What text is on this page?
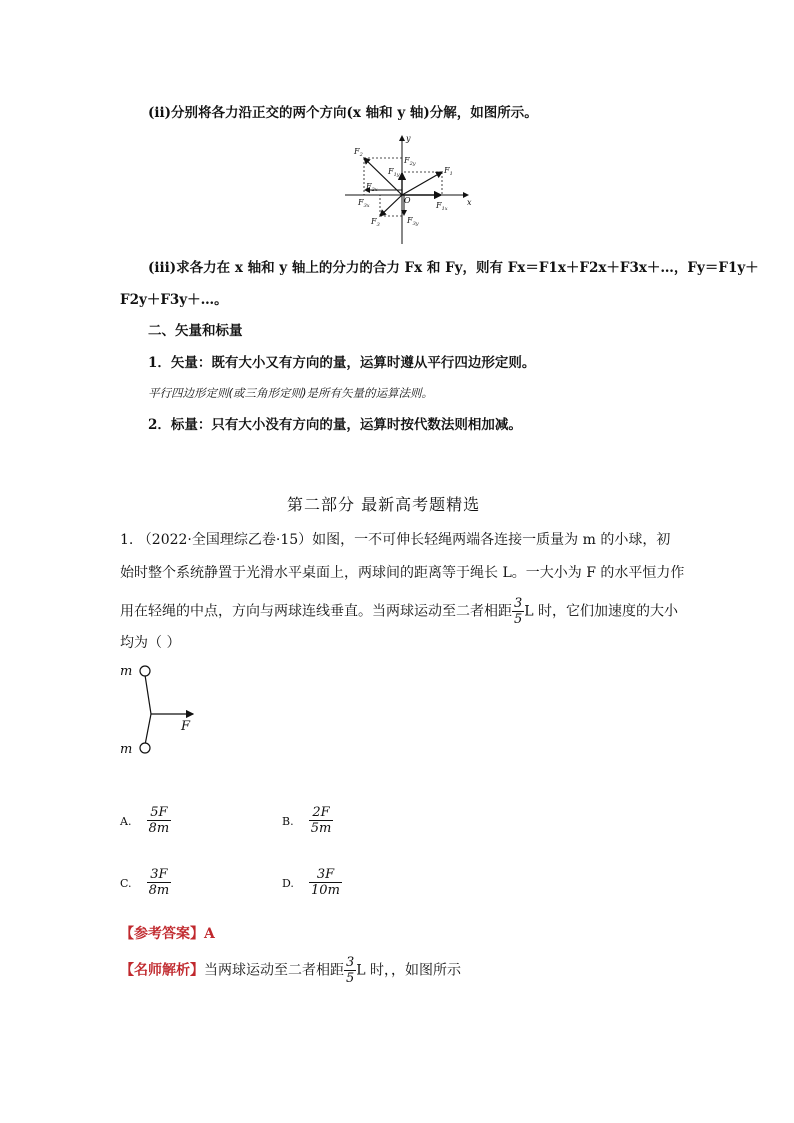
(ii)分别将各力沿正交的两个方向(x 轴和 y 轴)分解，如图所示。
y
x
O
$F_1$
$F_2$
$F_3$
$F_{1x}$
$F_{1y}$
$F_{2x}$
$F_{2y}$
$F_{3x}$
$F_{3y}$
(iii)求各力在 x 轴和 y 轴上的分力的合力 Fx 和 Fy，则有 Fx＝F1x＋F2x＋F3x＋…，Fy＝F1y＋
F2y＋F3y＋…。
二、矢量和标量
1．矢量：既有大小又有方向的量，运算时遵从平行四边形定则。
平行四边形定则(或三角形定则)是所有矢量的运算法则。
2．标量：只有大小没有方向的量，运算时按代数法则相加减。
第二部分 最新高考题精选
1. （2022·全国理综乙卷·15）如图，一不可伸长轻绳两端各连接一质量为 m 的小球，初
始时整个系统静置于光滑水平桌面上，两球间的距离等于绳长 L。一大小为 F 的水平恒力作
用在轻绳的中点，方向与两球连线垂直。当两球运动至二者相距 $\frac{3}{5}$ L 时，它们加速度的大小
均为（ ）
m
m
F
A. $\frac{5F}{8m}$	B. $\frac{2F}{5m}$
C. $\frac{3F}{8m}$	D. $\frac{3F}{10m}$
【参考答案】A
【名师解析】当两球运动至二者相距 $\frac{3}{5}$ L 时，，如图所示
